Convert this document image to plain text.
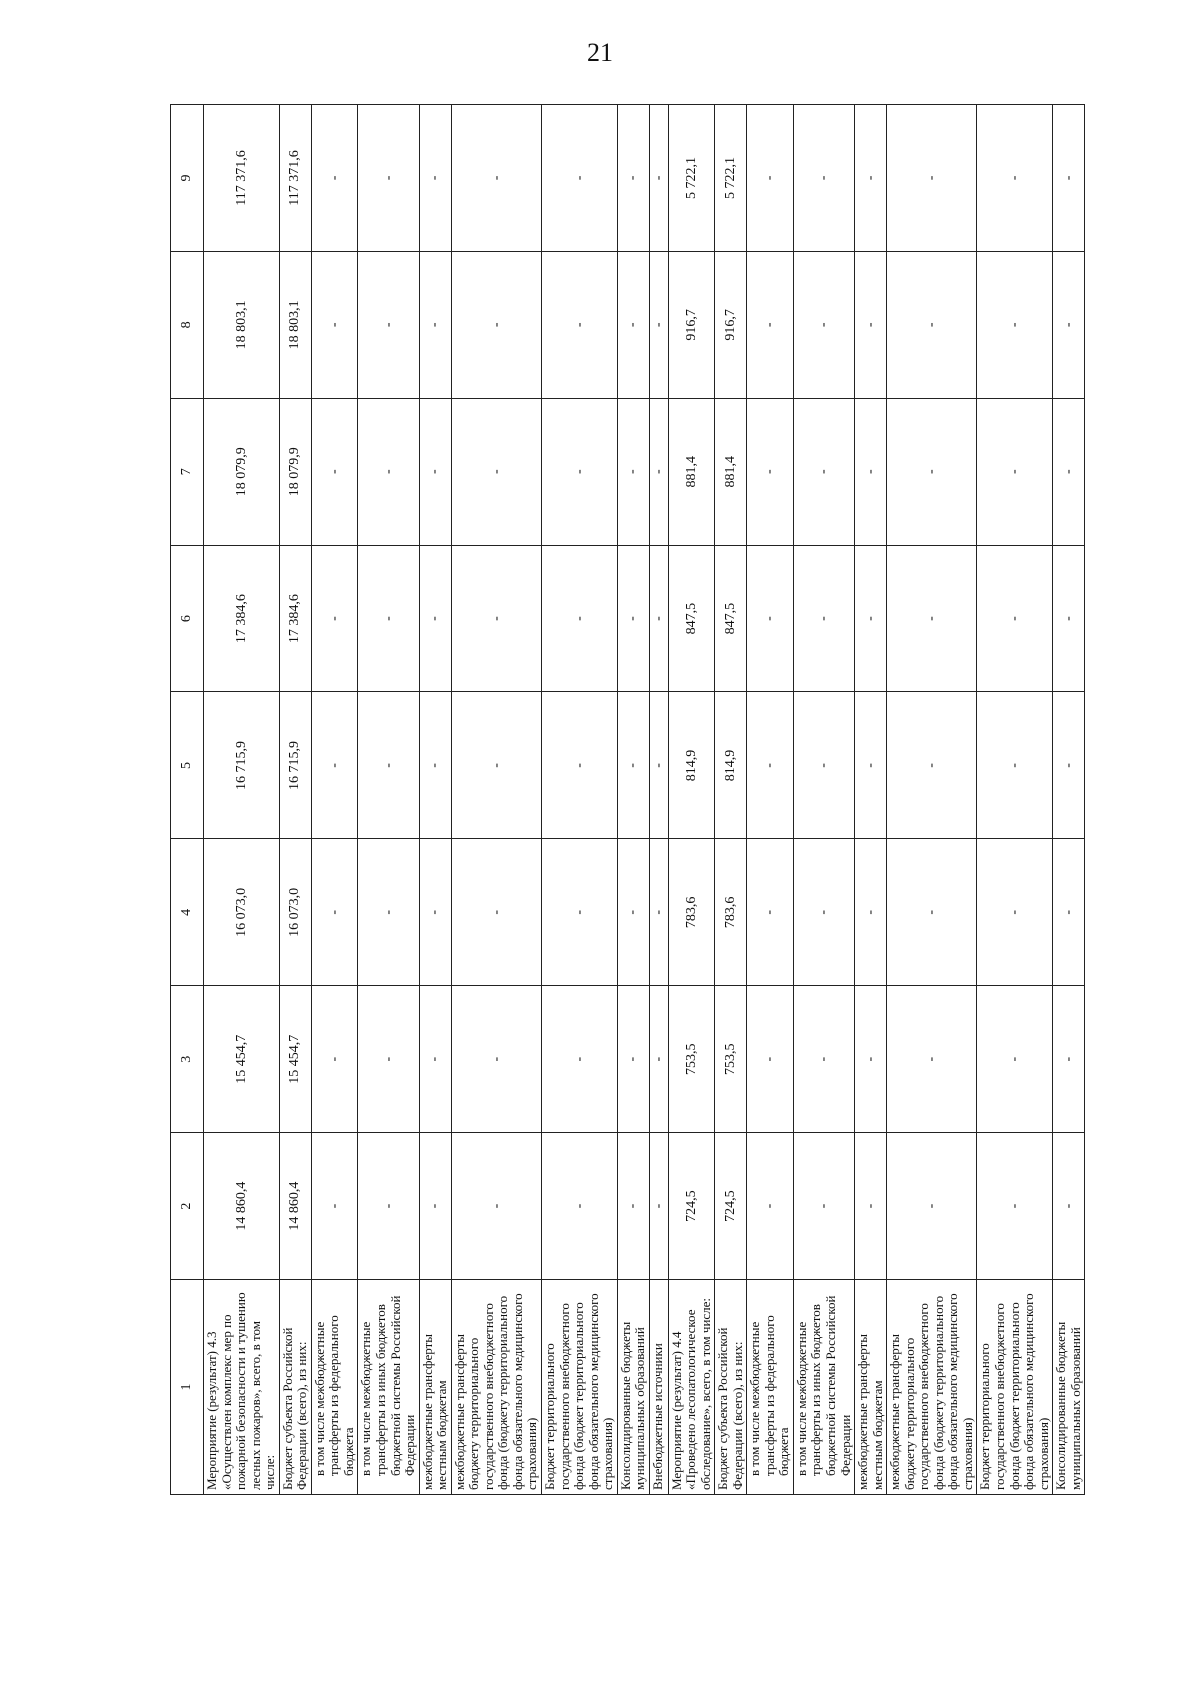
21
1	2	3	4	5	6	7	8	9
Мероприятие (результат) 4.3 «Осуществлен комплекс мер по пожарной безопасности и тушению лесных пожаров», всего, в том числе:	14 860,4	15 454,7	16 073,0	16 715,9	17 384,6	18 079,9	18 803,1	117 371,6
Бюджет субъекта Российской Федерации (всего), из них:	14 860,4	15 454,7	16 073,0	16 715,9	17 384,6	18 079,9	18 803,1	117 371,6
в том числе межбюджетные трансферты из федерального бюджета	-	-	-	-	-	-	-	-
в том числе межбюджетные трансферты из иных бюджетов бюджетной системы Российской Федерации	-	-	-	-	-	-	-	-
межбюджетные трансферты местным бюджетам	-	-	-	-	-	-	-	-
межбюджетные трансферты бюджету территориального государственного внебюджетного фонда (бюджету территориального фонда обязательного медицинского страхования)	-	-	-	-	-	-	-	-
Бюджет территориального государственного внебюджетного фонда (бюджет территориального фонда обязательного медицинского страхования)	-	-	-	-	-	-	-	-
Консолидированные бюджеты муниципальных образований	-	-	-	-	-	-	-	-
Внебюджетные источники	-	-	-	-	-	-	-	-
Мероприятие (результат) 4.4 «Проведено лесопатологическое обследование», всего, в том числе:	724,5	753,5	783,6	814,9	847,5	881,4	916,7	5 722,1
Бюджет субъекта Российской Федерации (всего), из них:	724,5	753,5	783,6	814,9	847,5	881,4	916,7	5 722,1
в том числе межбюджетные трансферты из федерального бюджета	-	-	-	-	-	-	-	-
в том числе межбюджетные трансферты из иных бюджетов бюджетной системы Российской Федерации	-	-	-	-	-	-	-	-
межбюджетные трансферты местным бюджетам	-	-	-	-	-	-	-	-
межбюджетные трансферты бюджету территориального государственного внебюджетного фонда (бюджету территориального фонда обязательного медицинского страхования)	-	-	-	-	-	-	-	-
Бюджет территориального государственного внебюджетного фонда (бюджет территориального фонда обязательного медицинского страхования)	-	-	-	-	-	-	-	-
Консолидированные бюджеты муниципальных образований	-	-	-	-	-	-	-	-
